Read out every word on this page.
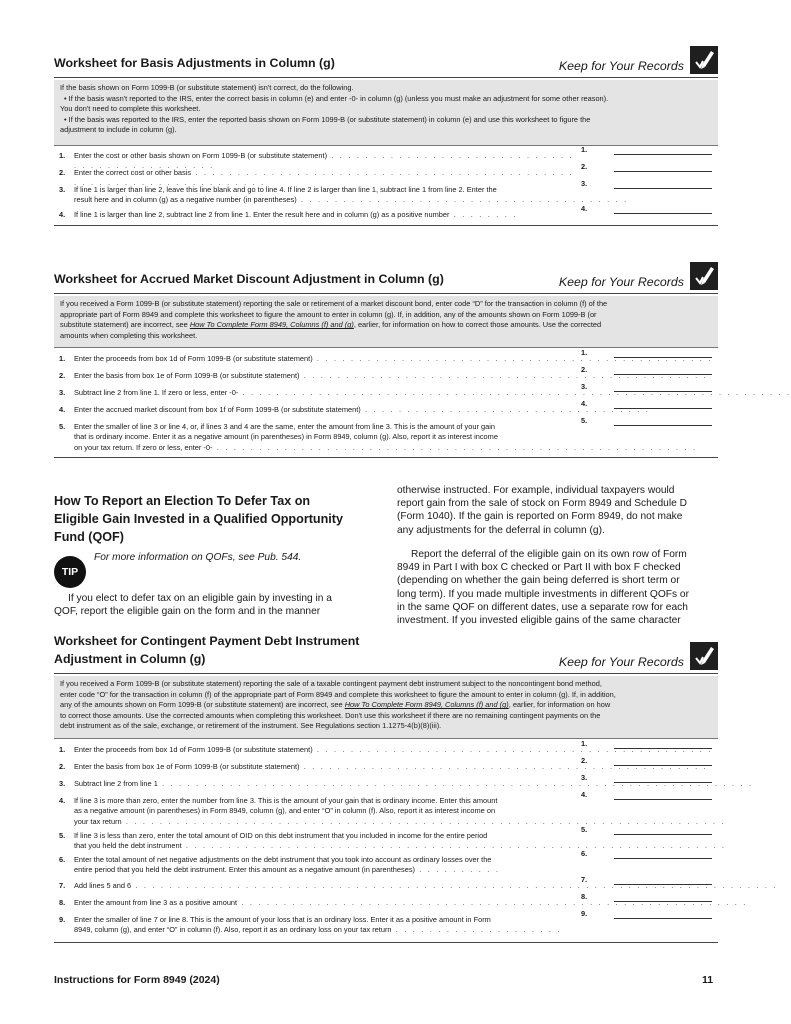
Worksheet for Basis Adjustments in Column (g)	Keep for Your Records
If the basis shown on Form 1099-B (or substitute statement) isn't correct, do the following.
• If the basis wasn't reported to the IRS, enter the correct basis in column (e) and enter -0- in column (g) (unless you must make an adjustment for some other reason).
You don't need to complete this worksheet.
• If the basis was reported to the IRS, enter the reported basis shown on Form 1099-B (or substitute statement) in column (e) and use this worksheet to figure the
adjustment to include in column (g).
1. Enter the cost or other basis shown on Form 1099-B (or substitute statement) . . . . . . . . . . . . . . . . . . . . . . . . . . . . . . . . . . . . . . . . . . . . . .
1.
2. Enter the correct cost or other basis . . . . . . . . . . . . . . . . . . . . . . . . . . . . . . . . . . . . . . . . . . . . . . . . . . . . . . . . . . . . . . . . . . . .
2.
3. If line 1 is larger than line 2, leave this line blank and go to line 4. If line 2 is larger than line 1, subtract line 1 from line 2. Enter the
result here and in column (g) as a negative number (in parentheses) . . . . . . . . . . . . . . . . . . . . . . . . . . . . . . . . . . . . . . .
3.
4. If line 1 is larger than line 2, subtract line 2 from line 1. Enter the result here and in column (g) as a positive number . . . . . . . .
4.
Worksheet for Accrued Market Discount Adjustment in Column (g)	Keep for Your Records
If you received a Form 1099-B (or substitute statement) reporting the sale or retirement of a market discount bond, enter code “D” for the transaction in column (f) of the
appropriate part of Form 8949 and complete this worksheet to figure the amount to enter in column (g). If, in addition, any of the amounts shown on Form 1099-B (or
substitute statement) are incorrect, see How To Complete Form 8949, Columns (f) and (g), earlier, for information on how to correct those amounts. Use the corrected
amounts when completing this worksheet.
1. Enter the proceeds from box 1d of Form 1099-B (or substitute statement) . . . . . . . . . . . . . . . . . . . . . . . . . . . . . . . . . . . . . . . . . . . . . . .
1.
2. Enter the basis from box 1e of Form 1099-B (or substitute statement) . . . . . . . . . . . . . . . . . . . . . . . . . . . . . . . . . . . . . . . . . . . . . . . .
2.
3. Subtract line 2 from line 1. If zero or less, enter -0- . . . . . . . . . . . . . . . . . . . . . . . . . . . . . . . . . . . . . . . . . . . . . . . . . . . . . . . . . . . . . . . . .
3.
4. Enter the accrued market discount from box 1f of Form 1099-B (or substitute statement) . . . . . . . . . . . . . . . . . . . . . . . . . . . . . . . . . .
4.
5. Enter the smaller of line 3 or line 4, or, if lines 3 and 4 are the same, enter the amount from line 3. This is the amount of your gain
that is ordinary income. Enter it as a negative amount (in parentheses) in Form 8949, column (g). Also, report it as interest income
on your tax return. If zero or less, enter -0- . . . . . . . . . . . . . . . . . . . . . . . . . . . . . . . . . . . . . . . . . . . . . . . . . . . . . . . . .
5.
How To Report an Election To Defer Tax on
Eligible Gain Invested in a Qualified Opportunity
Fund (QOF)
TIP
For more information on QOFs, see Pub. 544.
If you elect to defer tax on an eligible gain by investing in a
QOF, report the eligible gain on the form and in the manner
otherwise instructed. For example, individual taxpayers would
report gain from the sale of stock on Form 8949 and Schedule D
(Form 1040). If the gain is reported on Form 8949, do not make
any adjustments for the deferral in column (g).
Report the deferral of the eligible gain on its own row of Form
8949 in Part I with box C checked or Part II with box F checked
(depending on whether the gain being deferred is short term or
long term). If you made multiple investments in different QOFs or
in the same QOF on different dates, use a separate row for each
investment. If you invested eligible gains of the same character
Worksheet for Contingent Payment Debt Instrument
Adjustment in Column (g)	Keep for Your Records
If you received a Form 1099-B (or substitute statement) reporting the sale of a taxable contingent payment debt instrument subject to the noncontingent bond method,
enter code “O” for the transaction in column (f) of the appropriate part of Form 8949 and complete this worksheet to figure the amount to enter in column (g). If, in addition,
any of the amounts shown on Form 1099-B (or substitute statement) are incorrect, see How To Complete Form 8949, Columns (f) and (g), earlier, for information on how
to correct those amounts. Use the corrected amounts when completing this worksheet. Don't use this worksheet if there are no remaining contingent payments on the
debt instrument as of the sale, exchange, or retirement of the instrument. See Regulations section 1.1275-4(b)(8)(iii).
1. Enter the proceeds from box 1d of Form 1099-B (or substitute statement) . . . . . . . . . . . . . . . . . . . . . . . . . . . . . . . . . . . . . . . . . . . . . . .
1.
2. Enter the basis from box 1e of Form 1099-B (or substitute statement) . . . . . . . . . . . . . . . . . . . . . . . . . . . . . . . . . . . . . . . . . . . . . . . .
2.
3. Subtract line 2 from line 1 . . . . . . . . . . . . . . . . . . . . . . . . . . . . . . . . . . . . . . . . . . . . . . . . . . . . . . . . . . . . . . . . . . . . . .
3.
4. If line 3 is more than zero, enter the number from line 3. This is the amount of your gain that is ordinary income. Enter this amount
as a negative amount (in parentheses) in Form 8949, column (g), and enter “O” in column (f). Also, report it as interest income on
your tax return . . . . . . . . . . . . . . . . . . . . . . . . . . . . . . . . . . . . . . . . . . . . . . . . . . . . . . . . . . . . . . . . . . . . . . .
4.
5. If line 3 is less than zero, enter the total amount of OID on this debt instrument that you included in income for the entire period
that you held the debt instrument . . . . . . . . . . . . . . . . . . . . . . . . . . . . . . . . . . . . . . . . . . . . . . . . . . . . . . . . . . . . . . . .
5.
6. Enter the total amount of net negative adjustments on the debt instrument that you took into account as ordinary losses over the
entire period that you held the debt instrument. Enter this amount as a negative amount (in parentheses) . . . . . . . . . .
6.
7. Add lines 5 and 6 . . . . . . . . . . . . . . . . . . . . . . . . . . . . . . . . . . . . . . . . . . . . . . . . . . . . . . . . . . . . . . . . . . . . . . . . . . . .
7.
8. Enter the amount from line 3 as a positive amount . . . . . . . . . . . . . . . . . . . . . . . . . . . . . . . . . . . . . . . . . . . . . . . . . . . . . . . . . . . .
8.
9. Enter the smaller of line 7 or line 8. This is the amount of your loss that is an ordinary loss. Enter it as a positive amount in Form
8949, column (g), and enter “O” in column (f). Also, report it as an ordinary loss on your tax return . . . . . . . . . . . . . . . . . . . .
9.
Instructions for Form 8949 (2024)	11
